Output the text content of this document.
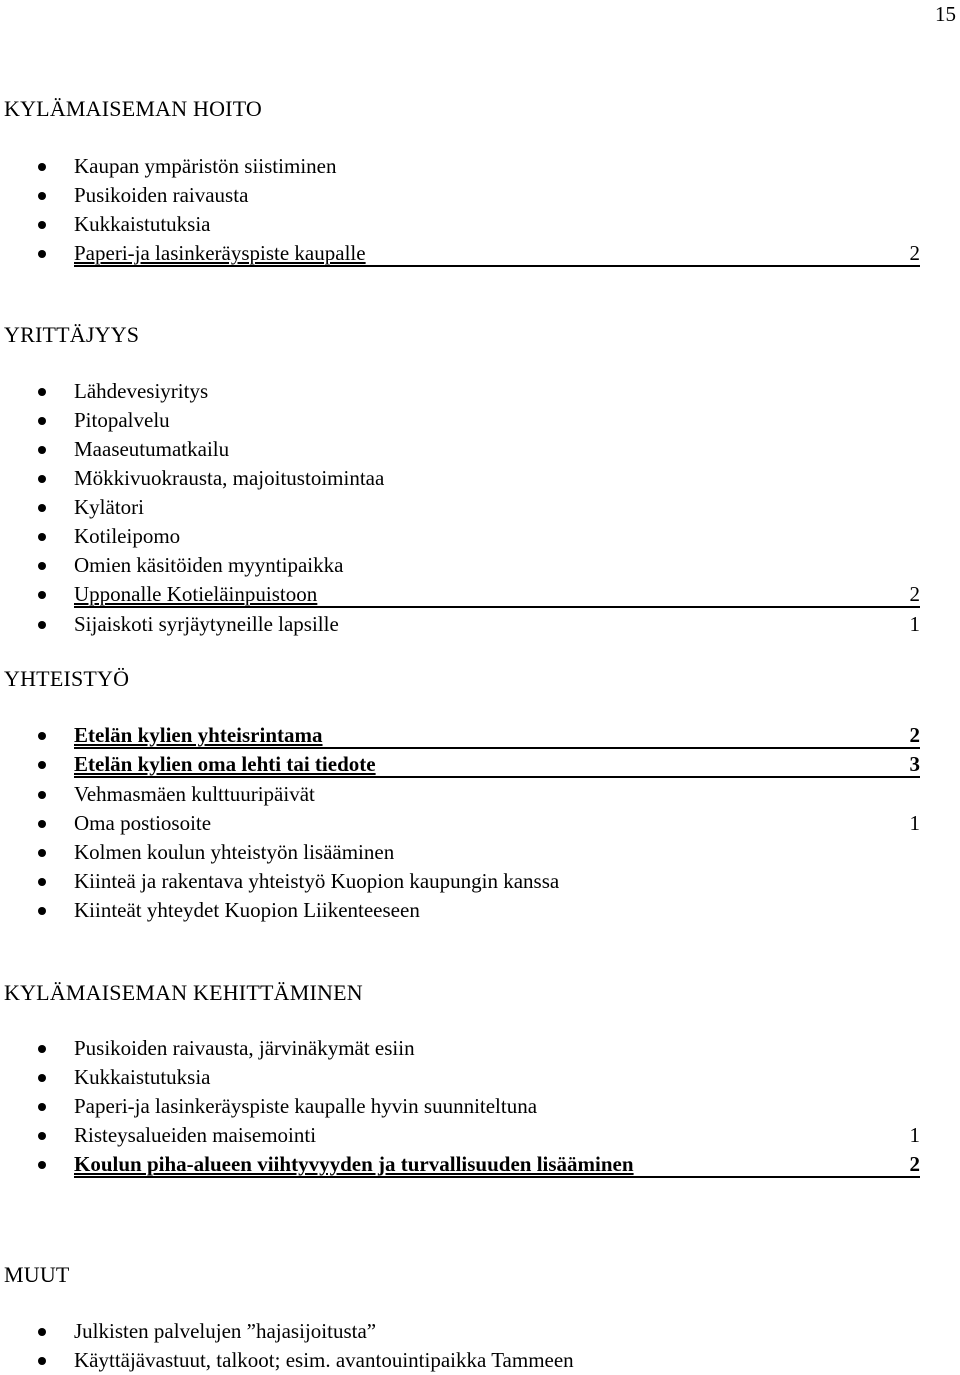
15
KYLÄMAISEMAN HOITO
Kaupan ympäristön siistiminen
Pusikoiden raivausta
Kukkaistutuksia
Paperi-ja lasinkeräyspiste kaupalle	2
YRITTÄJYYS
Lähdevesiyritys
Pitopalvelu
Maaseutumatkailu
Mökkivuokrausta, majoitustoimintaa
Kylätori
Kotileipomo
Omien käsitöiden myyntipaikka
Upponalle Kotieläinpuistoon	2
Sijaiskoti syrjäytyneille lapsille	1
YHTEISTYÖ
Etelän kylien yhteisrintama	2
Etelän kylien oma lehti tai tiedote	3
Vehmasmäen kulttuuripäivät
Oma postiosoite	1
Kolmen koulun yhteistyön lisääminen
Kiinteä ja rakentava yhteistyö Kuopion kaupungin kanssa
Kiinteät yhteydet Kuopion Liikenteeseen
KYLÄMAISEMAN KEHITTÄMINEN
Pusikoiden raivausta, järvinäkymät esiin
Kukkaistutuksia
Paperi-ja lasinkeräyspiste kaupalle hyvin suunniteltuna
Risteysalueiden maisemointi	1
Koulun piha-alueen viihtyvyyden ja turvallisuuden lisääminen	2
MUUT
Julkisten palvelujen ”hajasijoitusta”
Käyttäjävastuut, talkoot; esim. avantouintipaikka Tammeen
